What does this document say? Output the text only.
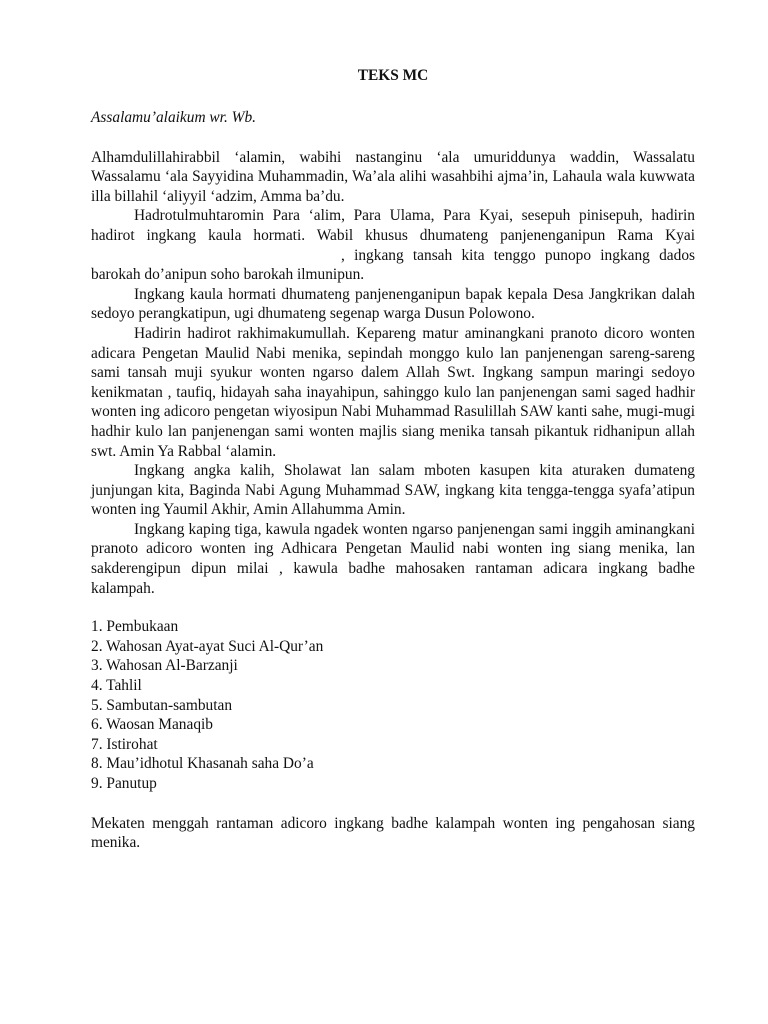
TEKS MC

Assalamu’alaikum wr. Wb.

Alhamdulillahirabbil ‘alamin, wabihi nastanginu ‘ala umuriddunya waddin, Wassalatu Wassalamu ‘ala Sayyidina Muhammadin, Wa’ala alihi wasahbihi ajma’in, Lahaula wala kuwwata illa billahil ‘aliyyil ‘adzim, Amma ba’du.

Hadrotulmuhtaromin Para ‘alim, Para Ulama, Para Kyai, sesepuh pinisepuh, hadirin hadirot ingkang kaula hormati. Wabil khusus dhumateng panjenenganipun Rama Kyai, ingkang tansah kita tenggo punopo ingkang dados barokah do’anipun soho barokah ilmunipun.

Ingkang kaula hormati dhumateng panjenenganipun bapak kepala Desa Jangkrikan dalah sedoyo perangkatipun, ugi dhumateng segenap warga Dusun Polowono.

Hadirin hadirot rakhimakumullah. Kepareng matur aminangkani pranoto dicoro wonten adicara Pengetan Maulid Nabi menika, sepindah monggo kulo lan panjenengan sareng-sareng sami tansah muji syukur wonten ngarso dalem Allah Swt. Ingkang sampun maringi sedoyo kenikmatan , taufiq, hidayah saha inayahipun, sahinggo kulo lan panjenengan sami saged hadhir wonten ing adicoro pengetan wiyosipun Nabi Muhammad Rasulillah SAW kanti sahe, mugi-mugi hadhir kulo lan panjenengan sami wonten majlis siang menika tansah pikantuk ridhanipun allah swt. Amin Ya Rabbal ‘alamin.

Ingkang angka kalih, Sholawat lan salam mboten kasupen kita aturaken dumateng junjungan kita, Baginda Nabi Agung Muhammad SAW, ingkang kita tengga-tengga syafa’atipun wonten ing Yaumil Akhir, Amin Allahumma Amin.

Ingkang kaping tiga, kawula ngadek wonten ngarso panjenengan sami inggih aminangkani pranoto adicoro wonten ing Adhicara Pengetan Maulid nabi wonten ing siang menika, lan sakderengipun dipun milai , kawula badhe mahosaken rantaman adicara ingkang badhe kalampah.

1. Pembukaan
2. Wahosan Ayat-ayat Suci Al-Qur’an
3. Wahosan Al-Barzanji
4. Tahlil
5. Sambutan-sambutan
6. Waosan Manaqib
7. Istirohat
8. Mau’idhotul Khasanah saha Do’a
9. Panutup

Mekaten menggah rantaman adicoro ingkang badhe kalampah wonten ing pengahosan siang menika.
